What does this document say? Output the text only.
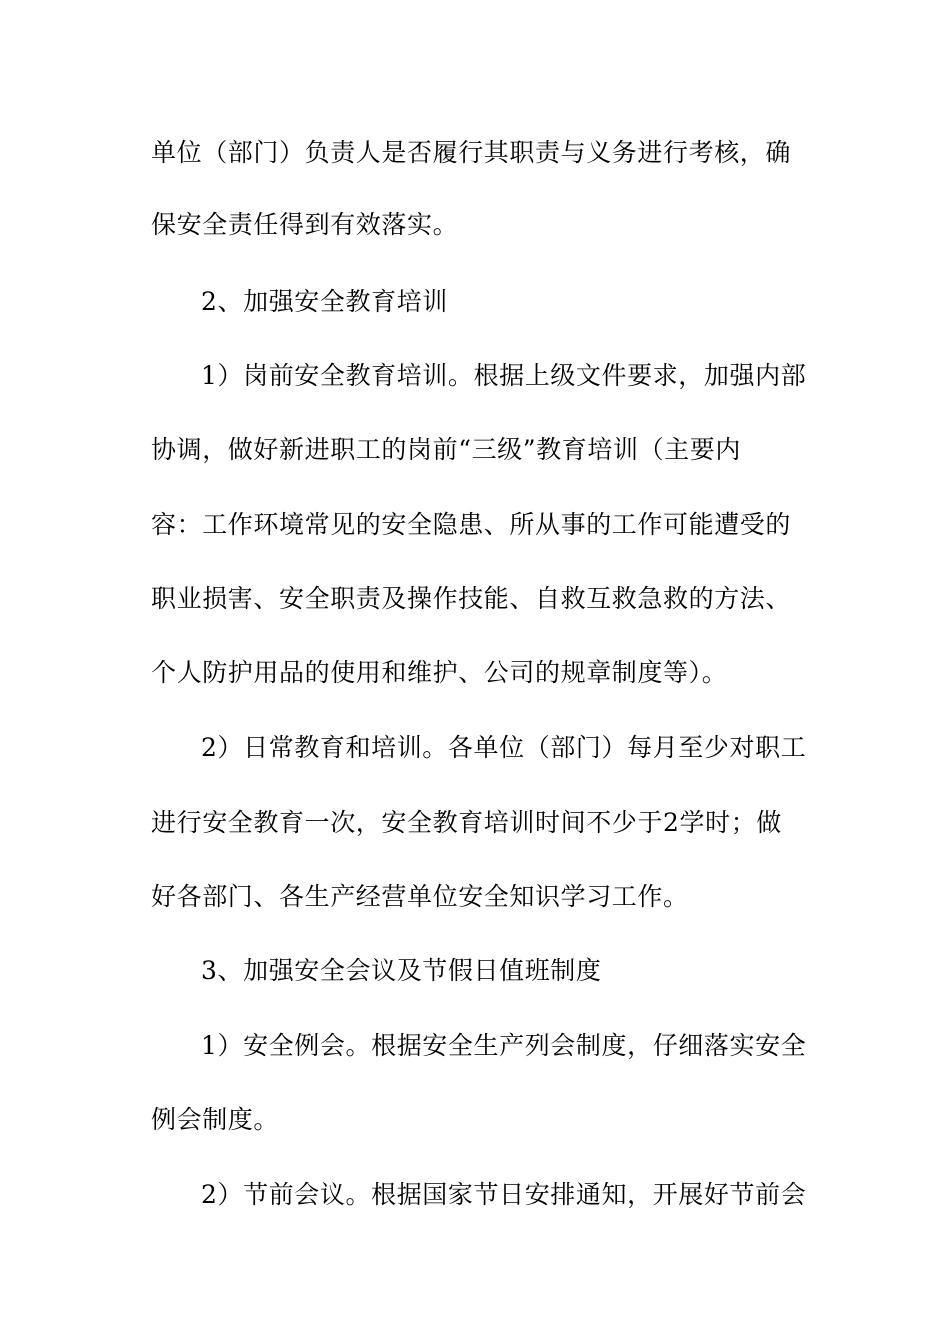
单位（部门）负责人是否履行其职责与义务进行考核，确
保安全责任得到有效落实。
2、加强安全教育培训
1）岗前安全教育培训。根据上级文件要求，加强内部
协调，做好新进职工的岗前“三级”教育培训（主要内
容：工作环境常见的安全隐患、所从事的工作可能遭受的
职业损害、安全职责及操作技能、自救互救急救的方法、
个人防护用品的使用和维护、公司的规章制度等）。
2）日常教育和培训。各单位（部门）每月至少对职工
进行安全教育一次，安全教育培训时间不少于2学时；做
好各部门、各生产经营单位安全知识学习工作。
3、加强安全会议及节假日值班制度
1）安全例会。根据安全生产列会制度，仔细落实安全
例会制度。
2）节前会议。根据国家节日安排通知，开展好节前会
